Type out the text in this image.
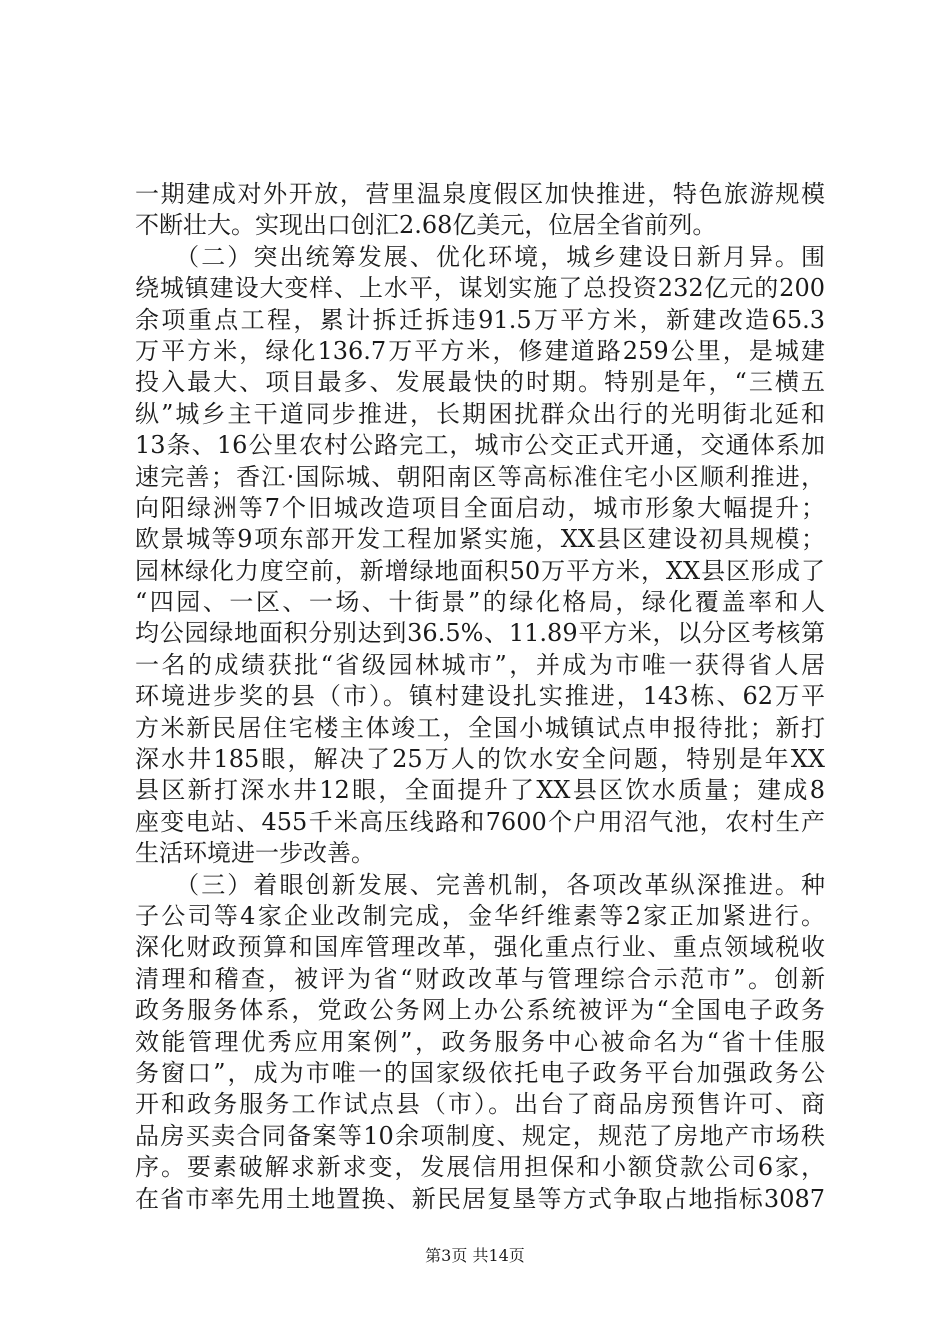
一期建成对外开放，营里温泉度假区加快推进，特色旅游规模
不断壮大。实现出口创汇2.68亿美元，位居全省前列。
　　（二）突出统筹发展、优化环境，城乡建设日新月异。围
绕城镇建设大变样、上水平，谋划实施了总投资232亿元的200
余项重点工程，累计拆迁拆违91.5万平方米，新建改造65.3
万平方米，绿化136.7万平方米，修建道路259公里，是城建
投入最大、项目最多、发展最快的时期。特别是年，“三横五
纵”城乡主干道同步推进，长期困扰群众出行的光明街北延和
13条、16公里农村公路完工，城市公交正式开通，交通体系加
速完善；香江·国际城、朝阳南区等高标准住宅小区顺利推进，
向阳绿洲等7个旧城改造项目全面启动，城市形象大幅提升；
欧景城等9项东部开发工程加紧实施，XX县区建设初具规模；
园林绿化力度空前，新增绿地面积50万平方米，XX县区形成了
“四园、一区、一场、十街景”的绿化格局，绿化覆盖率和人
均公园绿地面积分别达到36.5%、11.89平方米，以分区考核第
一名的成绩获批“省级园林城市”，并成为市唯一获得省人居
环境进步奖的县（市）。镇村建设扎实推进，143栋、62万平
方米新民居住宅楼主体竣工，全国小城镇试点申报待批；新打
深水井185眼，解决了25万人的饮水安全问题，特别是年XX
县区新打深水井12眼，全面提升了XX县区饮水质量；建成8
座变电站、455千米高压线路和7600个户用沼气池，农村生产
生活环境进一步改善。
　　（三）着眼创新发展、完善机制，各项改革纵深推进。种
子公司等4家企业改制完成，金华纤维素等2家正加紧进行。
深化财政预算和国库管理改革，强化重点行业、重点领域税收
清理和稽查，被评为省“财政改革与管理综合示范市”。创新
政务服务体系，党政公务网上办公系统被评为“全国电子政务
效能管理优秀应用案例”，政务服务中心被命名为“省十佳服
务窗口”，成为市唯一的国家级依托电子政务平台加强政务公
开和政务服务工作试点县（市）。出台了商品房预售许可、商
品房买卖合同备案等10余项制度、规定，规范了房地产市场秩
序。要素破解求新求变，发展信用担保和小额贷款公司6家，
在省市率先用土地置换、新民居复垦等方式争取占地指标3087
第3页 共14页
